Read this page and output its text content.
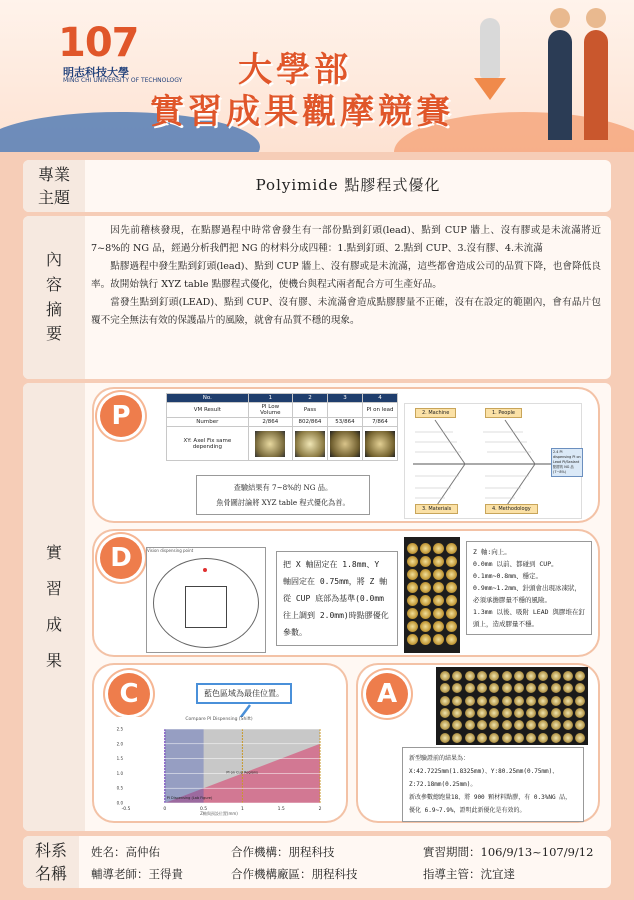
107
明志科技大學
MING CHI UNIVERSITY OF TECHNOLOGY 大學部
實習成果觀摩競賽
專業
主題
Polyimide 點膠程式優化
內
容
摘
要

因先前稽核發現，在點膠過程中時常會發生有一部份點到釘頭(lead)、點到 CUP 牆上、沒有膠或是未流滿將近 7~8%的 NG 品，經過分析我們把 NG 的材料分成四種：1.點到釘頭、2.點到 CUP、3.沒有膠、4.未流滿

點膠過程中發生點到釘頭(lead)、點到 CUP 牆上、沒有膠或是未流滿，這些都會造成公司的品質下降，也會降低良率。故開始執行 XYZ table 點膠程式優化，使機台與程式兩者配合方可生產好品。

當發生點到釘頭(LEAD)、點到 CUP、沒有膠、未流滿會造成點膠膠量不正確，沒有在設定的範圍內，會有晶片包覆不完全無法有效的保護晶片的風險，就會有品質不穩的現象。

實
習
成
果
P
No.	1	2	3	4
VM Result	PI Low Volume	Pass		PI on lead
Number	2/864	802/864	53/864	7/864
XY: Axel Fix same depending	

查驗結果有 7~8%的 NG 品。
魚骨圖討論將 XYZ table 程式優化為首。
2. Machine	1. People
3. Materials	4. Methodology
2.4 PI dispensing PI on Lead PI/Sealant 點膠的 NG 品 (7~8%)
D	Vision dispensing point
把 X 軸固定在 1.8mm、Y 軸固定在 0.75mm，將 Z 軸從 CUP 底部為基準(0.0mm 往上調到 2.0mm)時點膠優化參數。
Z 軸:向上。
0.0mm 以前、都碰到 CUP。
0.1mm~0.8mm、穩定。
0.9mm~1.2mm、針頭會出現冰凍狀，必須承擔膠量不穩的風險。
1.3mm 以後、吸附 LEAD 與膠堆在釘頭上，造成膠量不穩。
C	藍色區域為最佳位置。
Compare PI Dispensing (Shift)
0.0
0.5
1.0
1.5
2.0
2.5
-0.5	0	0.5	1	1.5	2
PI Dispensing (Lab Figure)
PI on Cup Regions
Z軸與預設位置(mm)
A
新型驗證前的結果為：
X:42.7225mm(1.8325mm)、Y:80.25mm(0.75mm)、
Z:72.18mm(0.25mm)。
新改參數總跑量18、將 900 顆材料點膠，有 0.3%NG 品，
優化 6.9~7.9%，證明此新優化是有效的。
科系
名稱
姓名：高仲佑	合作機構：朋程科技	實習期間：106/9/13~107/9/12
輔導老師：王得貴	合作機構廠區：朋程科技	指導主管：沈宜達
